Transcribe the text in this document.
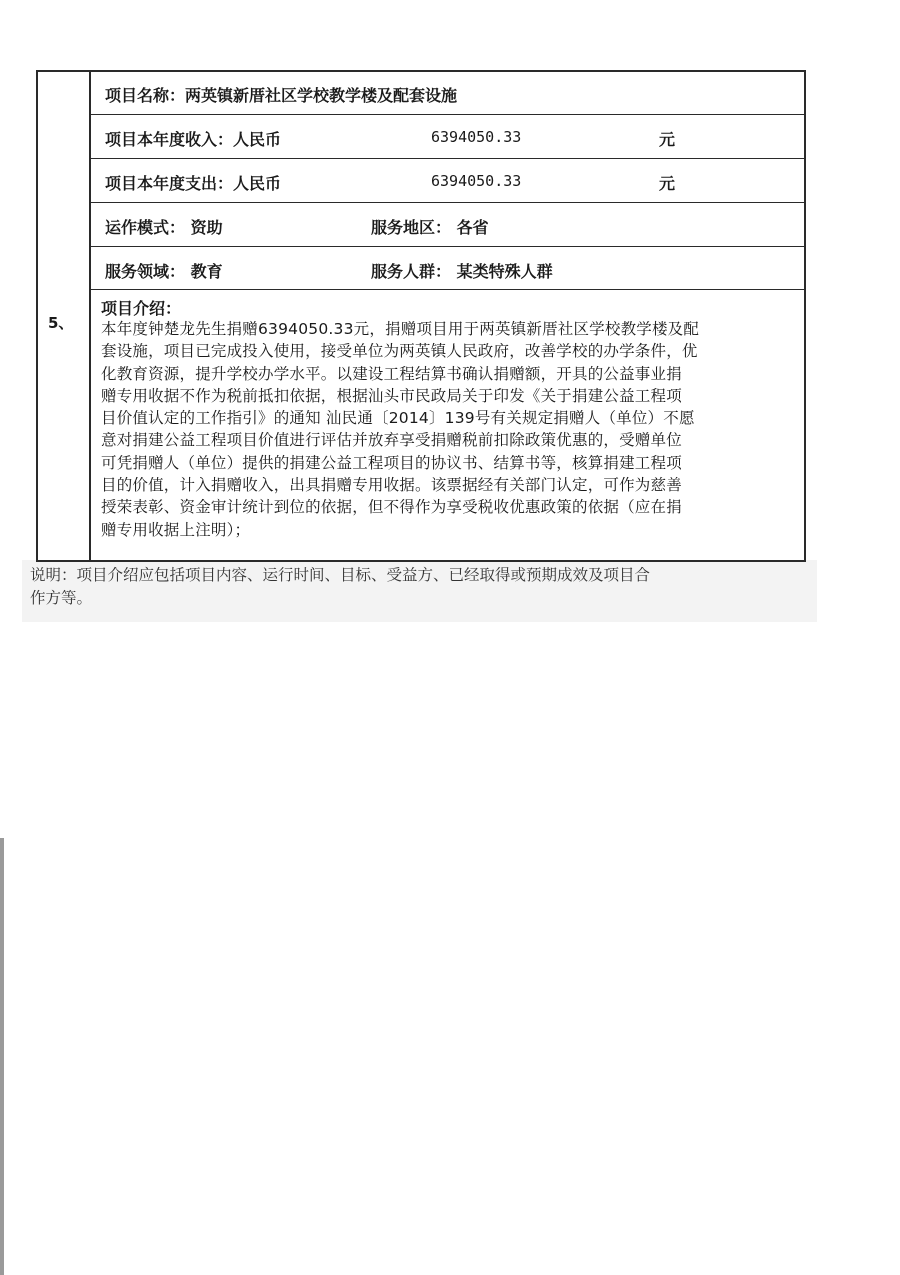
5、
项目名称：两英镇新厝社区学校教学楼及配套设施
项目本年度收入：人民币	6394050.33	元
项目本年度支出：人民币	6394050.33	元
运作模式： 资助	服务地区： 各省
服务领域： 教育	服务人群： 某类特殊人群
项目介绍：
本年度钟楚龙先生捐赠6394050.33元，捐赠项目用于两英镇新厝社区学校教学楼及配
套设施，项目已完成投入使用，接受单位为两英镇人民政府，改善学校的办学条件，优
化教育资源，提升学校办学水平。以建设工程结算书确认捐赠额，开具的公益事业捐
赠专用收据不作为税前抵扣依据，根据汕头市民政局关于印发《关于捐建公益工程项
目价值认定的工作指引》的通知 汕民通〔2014〕139号有关规定捐赠人（单位）不愿
意对捐建公益工程项目价值进行评估并放弃享受捐赠税前扣除政策优惠的，受赠单位
可凭捐赠人（单位）提供的捐建公益工程项目的协议书、结算书等，核算捐建工程项
目的价值，计入捐赠收入，出具捐赠专用收据。该票据经有关部门认定，可作为慈善
授荣表彰、资金审计统计到位的依据，但不得作为享受税收优惠政策的依据（应在捐
赠专用收据上注明）；
说明：项目介绍应包括项目内容、运行时间、目标、受益方、已经取得或预期成效及项目合
作方等。
